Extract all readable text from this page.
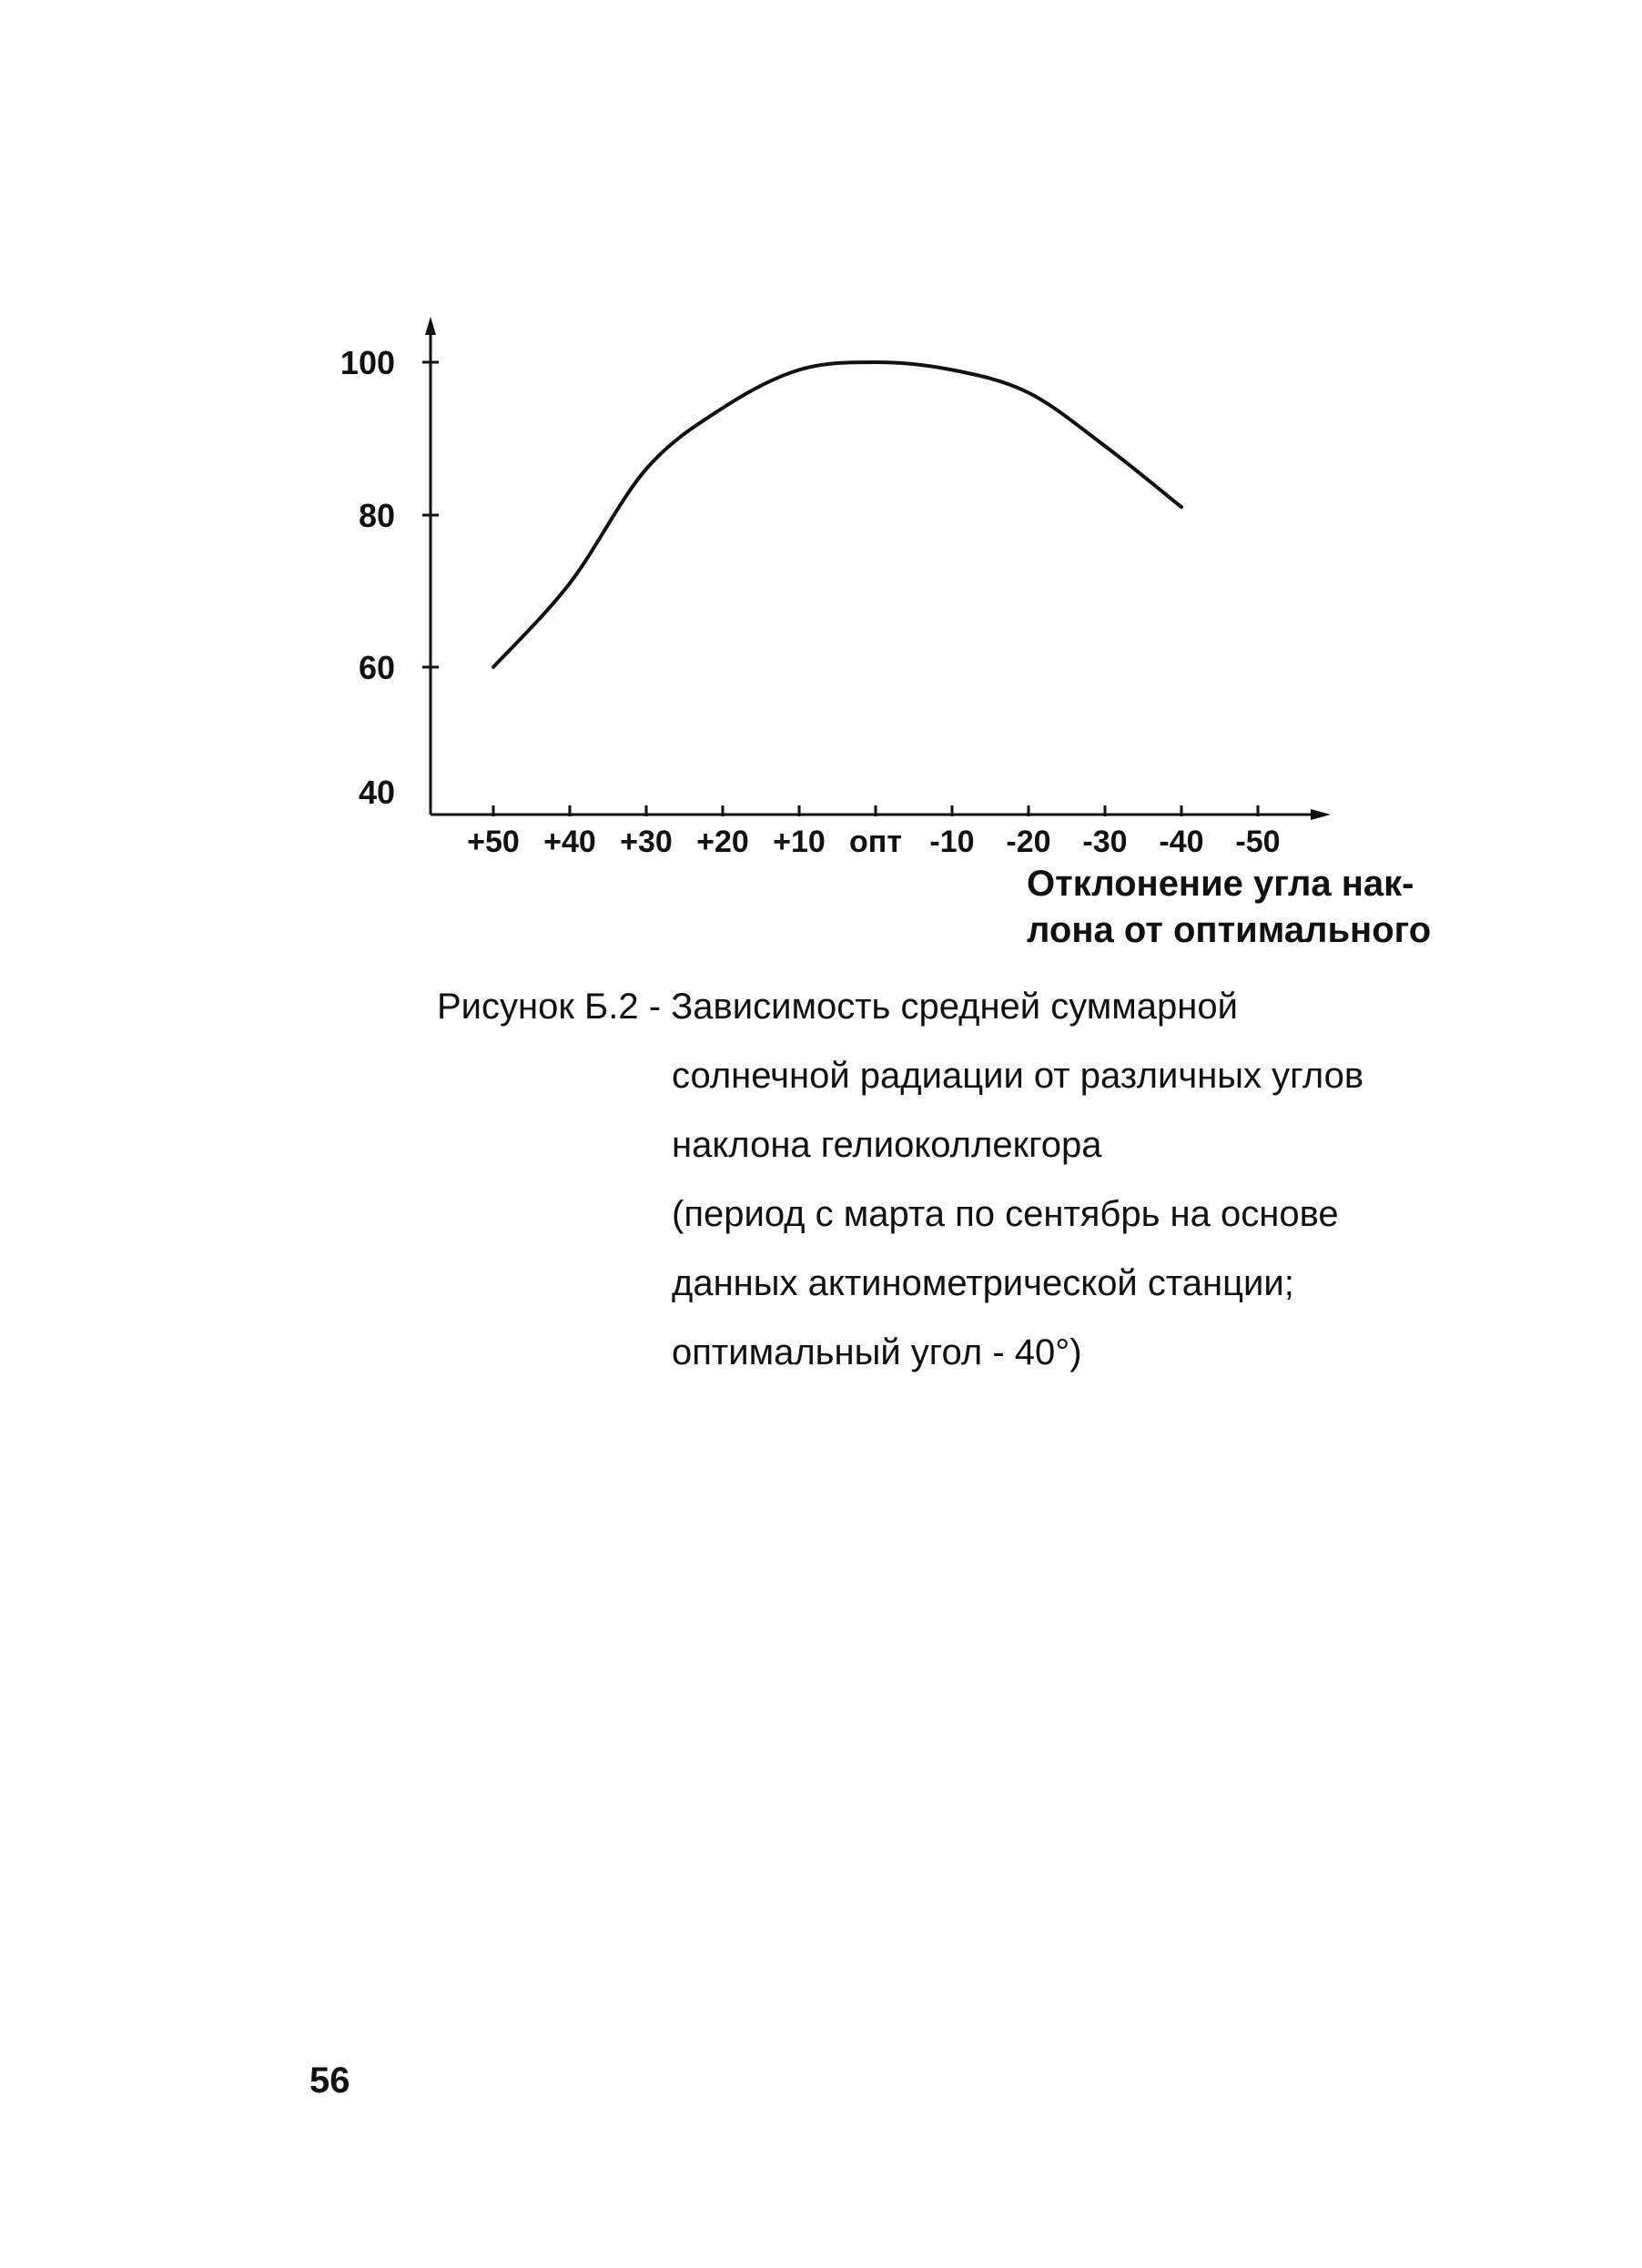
100
80
60
40
+50 +40 +30 +20 +10 опт -10 -20 -30 -40 -50
Отклонение угла нак-
лона от оптимального
Рисунок Б.2 - Зависимость средней суммарной
солнечной радиации от различных углов
наклона гелиоколлекгора
(период с марта по сентябрь на основе
данных актинометрической станции;
оптимальный угол - 40°)
56
